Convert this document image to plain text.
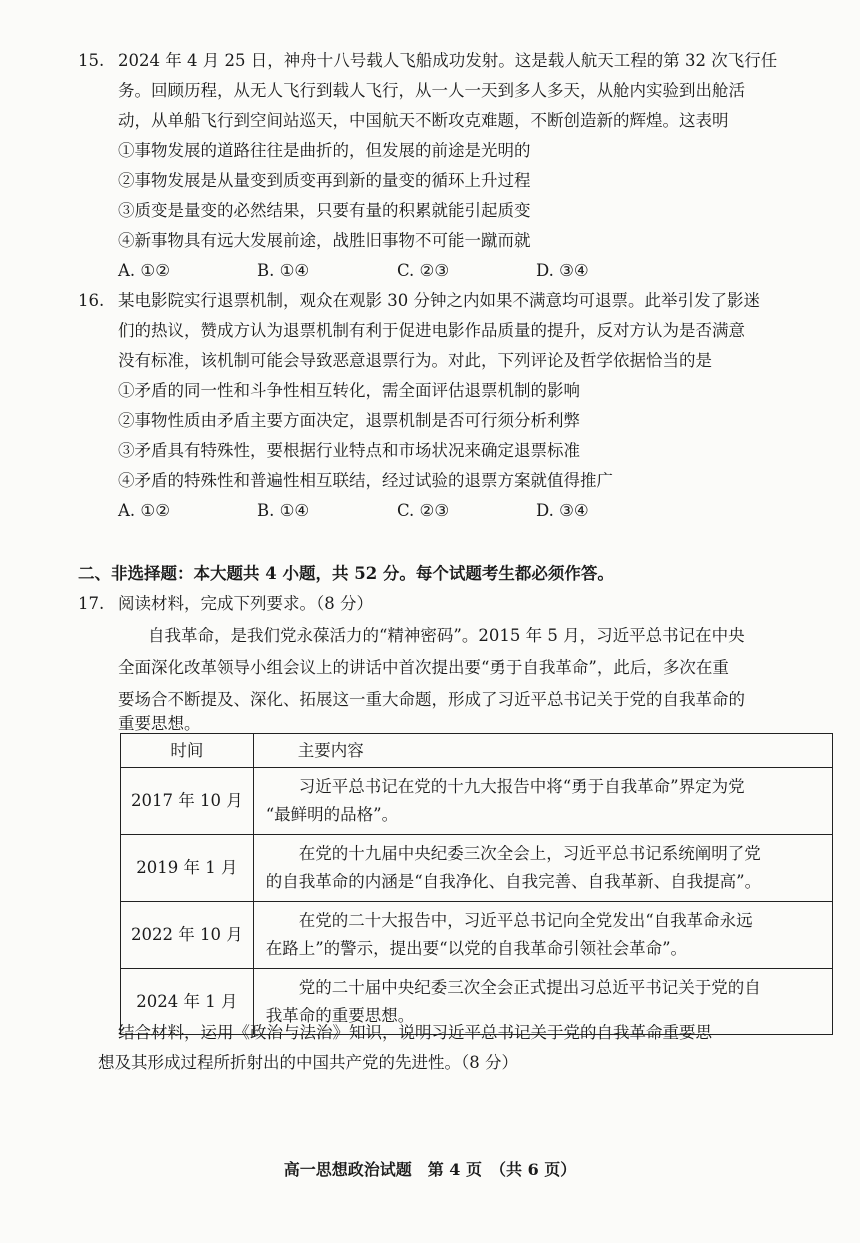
15. 2024 年 4 月 25 日，神舟十八号载人飞船成功发射。这是载人航天工程的第 32 次飞行任
务。回顾历程，从无人飞行到载人飞行，从一人一天到多人多天，从舱内实验到出舱活
动，从单船飞行到空间站巡天，中国航天不断攻克难题，不断创造新的辉煌。这表明
①事物发展的道路往往是曲折的，但发展的前途是光明的
②事物发展是从量变到质变再到新的量变的循环上升过程
③质变是量变的必然结果，只要有量的积累就能引起质变
④新事物具有远大发展前途，战胜旧事物不可能一蹴而就
A. ①②	B. ①④	C. ②③	D. ③④
16. 某电影院实行退票机制，观众在观影 30 分钟之内如果不满意均可退票。此举引发了影迷
们的热议，赞成方认为退票机制有利于促进电影作品质量的提升，反对方认为是否满意
没有标准，该机制可能会导致恶意退票行为。对此，下列评论及哲学依据恰当的是
①矛盾的同一性和斗争性相互转化，需全面评估退票机制的影响
②事物性质由矛盾主要方面决定，退票机制是否可行须分析利弊
③矛盾具有特殊性，要根据行业特点和市场状况来确定退票标准
④矛盾的特殊性和普遍性相互联结，经过试验的退票方案就值得推广
A. ①②	B. ①④	C. ②③	D. ③④
二、非选择题：本大题共 4 小题，共 52 分。每个试题考生都必须作答。
17. 阅读材料，完成下列要求。（8 分）
自我革命，是我们党永葆活力的“精神密码”。2015 年 5 月，习近平总书记在中央
全面深化改革领导小组会议上的讲话中首次提出要“勇于自我革命”，此后，多次在重
要场合不断提及、深化、拓展这一重大命题，形成了习近平总书记关于党的自我革命的
重要思想。
时间	主要内容
2017 年 10 月	习近平总书记在党的十九大报告中将“勇于自我革命”界定为党
“最鲜明的品格”。

2019 年 1 月	在党的十九届中央纪委三次全会上，习近平总书记系统阐明了党
的自我革命的内涵是“自我净化、自我完善、自我革新、自我提高”。

2022 年 10 月	在党的二十大报告中，习近平总书记向全党发出“自我革命永远
在路上”的警示，提出要“以党的自我革命引领社会革命”。

2024 年 1 月	党的二十届中央纪委三次全会正式提出习总近平书记关于党的自
我革命的重要思想。
结合材料，运用《政治与法治》知识，说明习近平总书记关于党的自我革命重要思
想及其形成过程所折射出的中国共产党的先进性。（8 分）
高一思想政治试题　第 4 页　（共 6 页）
